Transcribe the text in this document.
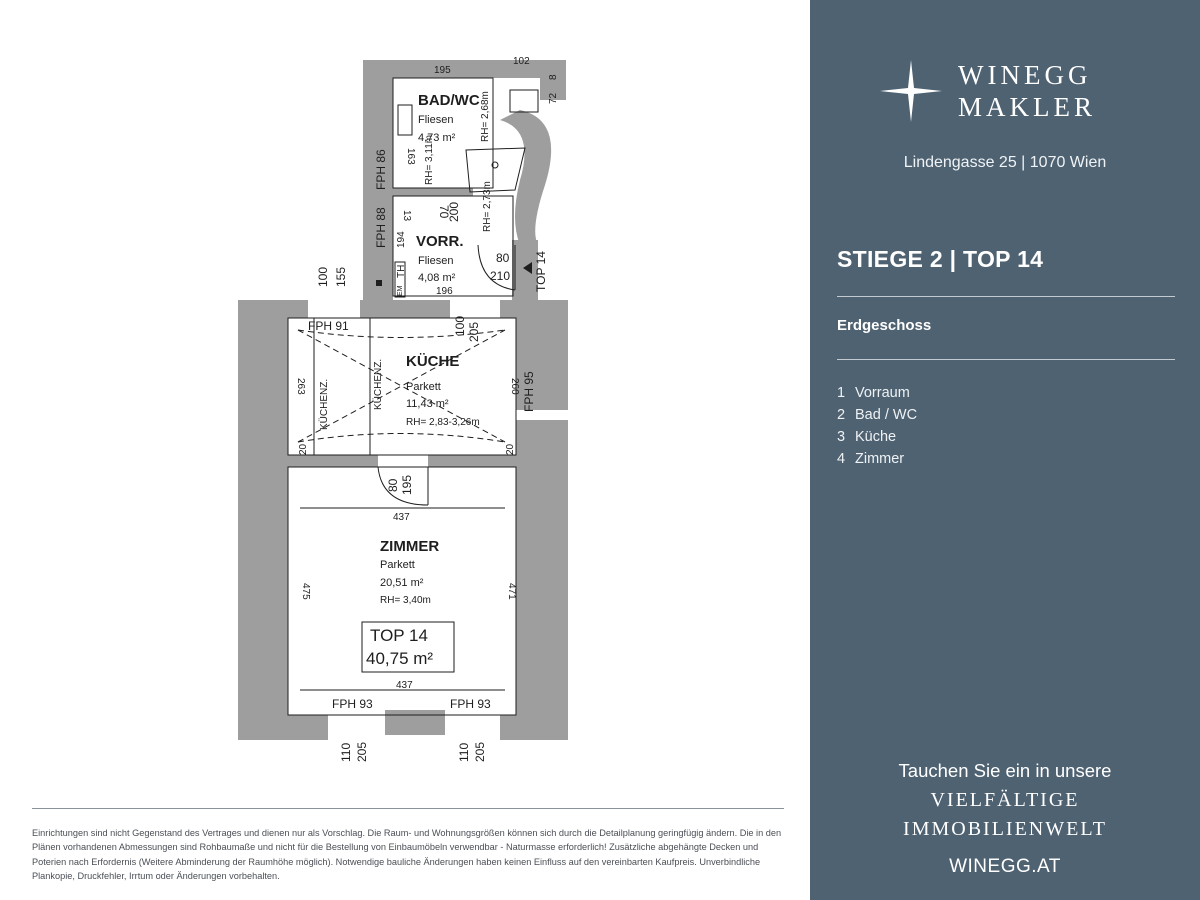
BAD/WC
Fliesen
4,73 m² RH= 2,68m
RH= 3,11m
VORR.
Fliesen
4,08 m²
RH= 2,73m
KÜCHE
Parkett
11,43 m²
RH= 2,83-3,26m
KÜCHENZ.	KÜCHENZ.
ZIMMER
Parkett
20,51 m²
RH= 3,40m
TOP 14
40,75 m²
TOP 14
FPH 86
FPH 88
FPH 91
FPH 95
FPH 93	FPH 93
195
102
8
72
163
13 70
200
194
196
TH
EM
80
210
100 155
100 205
263	260
20	20
80 195
437
475	471
437
110 205	110 205

Einrichtungen sind nicht Gegenstand des Vertrages und dienen nur als Vorschlag. Die Raum- und Wohnungsgrößen können sich durch die Detailplanung geringfügig ändern. Die in den Plänen vorhandenen Abmessungen sind Rohbaumaße und nicht für die Bestellung von Einbaumöbeln verwendbar - Naturmasse erforderlich! Zusätzliche abgehängte Decken und Poterien nach Erfordernis (Weitere Abminderung der Raumhöhe möglich). Notwendige bauliche Änderungen haben keinen Einfluss auf den vereinbarten Kaufpreis. Unverbindliche Plankopie, Druckfehler, Irrtum oder Änderungen vorbehalten.

WINEGG
MAKLER
Lindengasse 25 | 1070 Wien
STIEGE 2 | TOP 14
Erdgeschoss
1 Vorraum
2 Bad / WC
3 Küche
4 Zimmer
Tauchen Sie ein in unsere
VIELFÄLTIGE
IMMOBILIENWELT
WINEGG.AT
